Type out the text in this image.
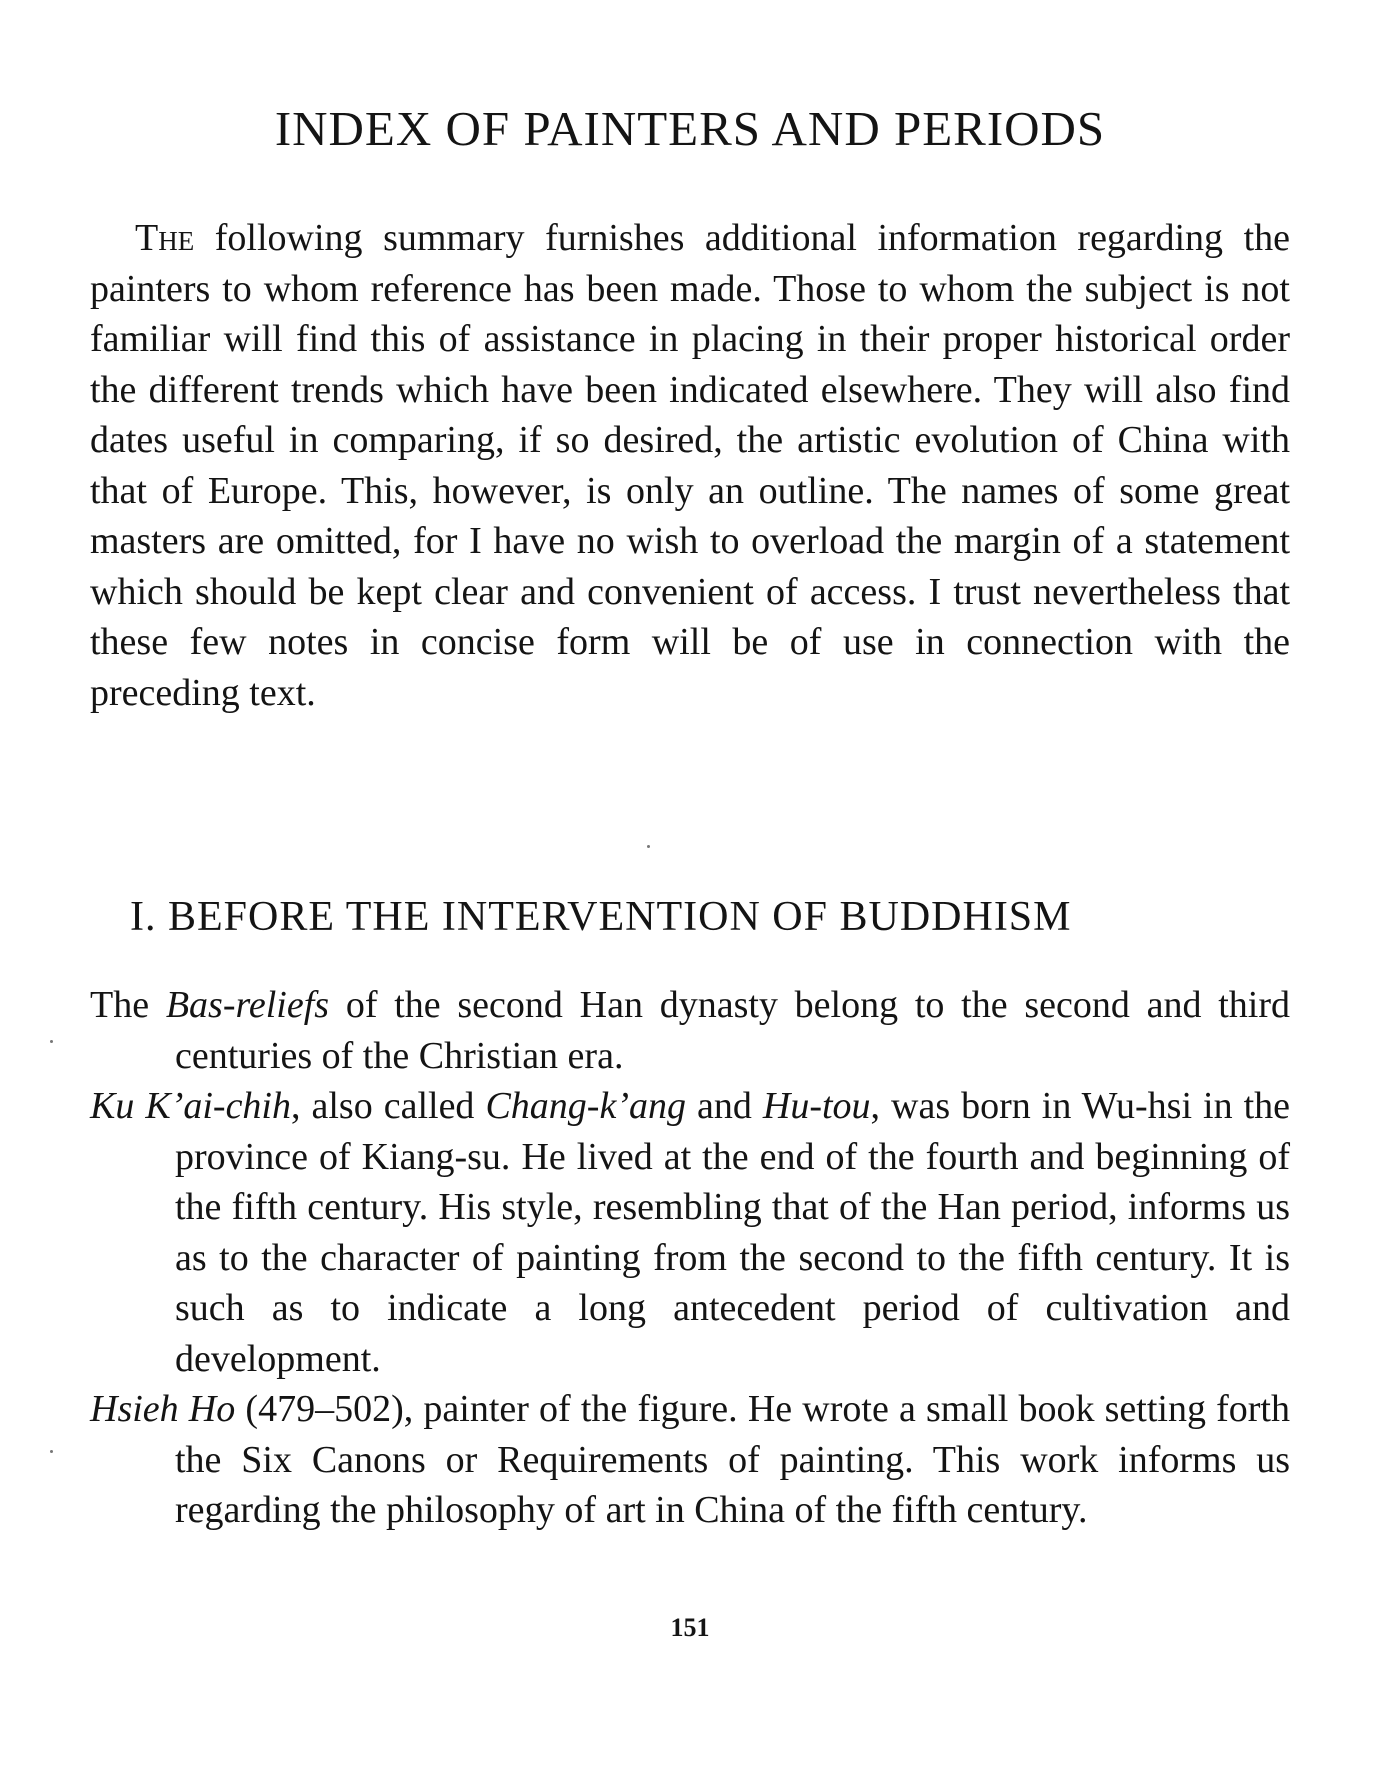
INDEX OF PAINTERS AND PERIODS

The following summary furnishes additional information regarding the painters to whom reference has been made. Those to whom the subject is not familiar will find this of assistance in placing in their proper historical order the different trends which have been indicated elsewhere. They will also find dates useful in comparing, if so desired, the artistic evolution of China with that of Europe. This, however, is only an outline. The names of some great masters are omitted, for I have no wish to overload the margin of a statement which should be kept clear and convenient of access. I trust nevertheless that these few notes in concise form will be of use in connection with the preceding text.

I. BEFORE THE INTERVENTION OF BUDDHISM

The Bas-reliefs of the second Han dynasty belong to the second and third centuries of the Christian era.

Ku K’ai-chih, also called Chang-k’ang and Hu-tou, was born in Wu-hsi in the province of Kiang-su. He lived at the end of the fourth and beginning of the fifth century. His style, resembling that of the Han period, informs us as to the character of painting from the second to the fifth century. It is such as to indicate a long antecedent period of cultivation and development.

Hsieh Ho (479–502), painter of the figure. He wrote a small book setting forth the Six Canons or Requirements of painting. This work informs us regarding the philosophy of art in China of the fifth century.

151
